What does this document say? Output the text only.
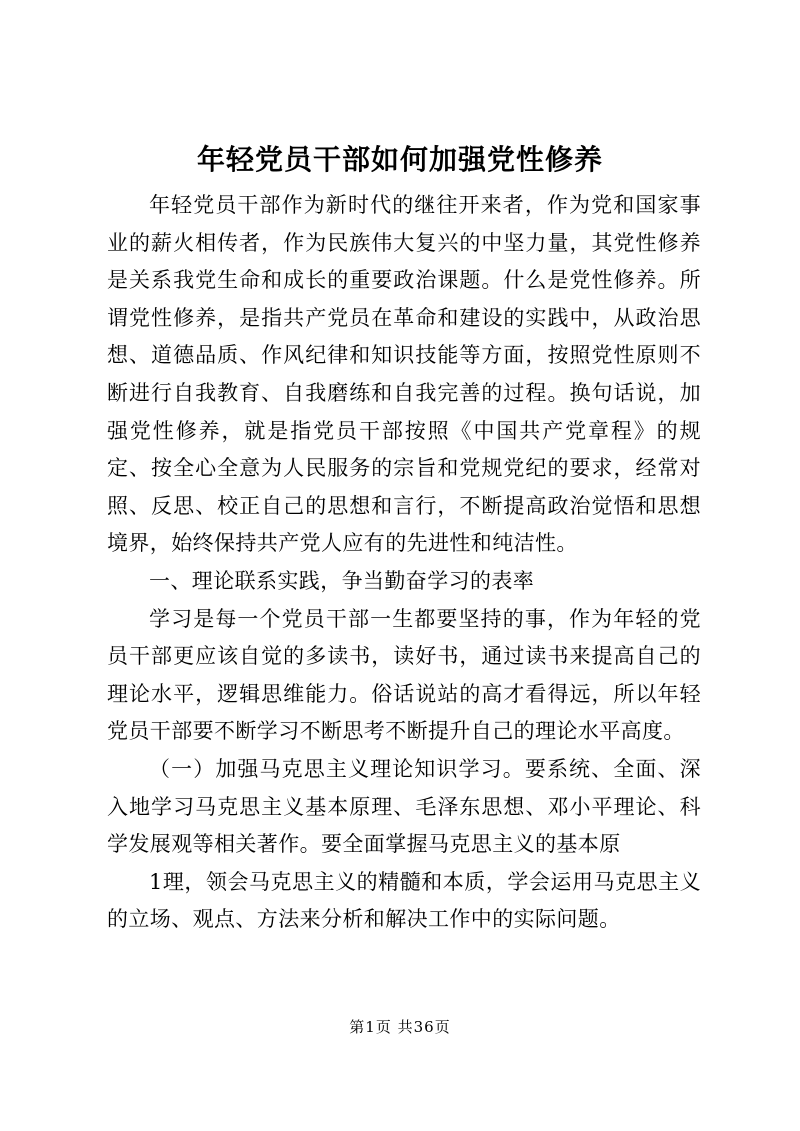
年轻党员干部如何加强党性修养

年轻党员干部作为新时代的继往开来者，作为党和国家事业的薪火相传者，作为民族伟大复兴的中坚力量，其党性修养是关系我党生命和成长的重要政治课题。什么是党性修养。所谓党性修养，是指共产党员在革命和建设的实践中，从政治思想、道德品质、作风纪律和知识技能等方面，按照党性原则不断进行自我教育、自我磨练和自我完善的过程。换句话说，加强党性修养，就是指党员干部按照《中国共产党章程》的规定、按全心全意为人民服务的宗旨和党规党纪的要求，经常对照、反思、校正自己的思想和言行，不断提高政治觉悟和思想境界，始终保持共产党人应有的先进性和纯洁性。

一、理论联系实践，争当勤奋学习的表率

学习是每一个党员干部一生都要坚持的事，作为年轻的党员干部更应该自觉的多读书，读好书，通过读书来提高自己的理论水平，逻辑思维能力。俗话说站的高才看得远，所以年轻党员干部要不断学习不断思考不断提升自己的理论水平高度。

（一）加强马克思主义理论知识学习。要系统、全面、深入地学习马克思主义基本原理、毛泽东思想、邓小平理论、科学发展观等相关著作。要全面掌握马克思主义的基本原

1理，领会马克思主义的精髓和本质，学会运用马克思主义的立场、观点、方法来分析和解决工作中的实际问题。

第1页 共36页
